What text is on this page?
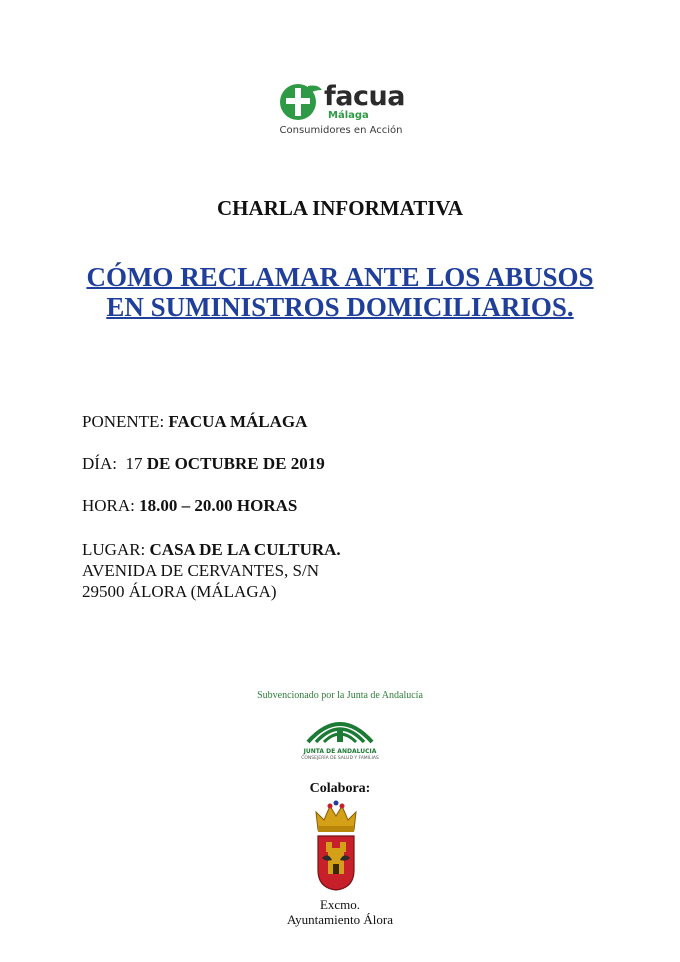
facua
Málaga
Consumidores en Acción
CHARLA INFORMATIVA
CÓMO RECLAMAR ANTE LOS ABUSOS
EN SUMINISTROS DOMICILIARIOS.
PONENTE: FACUA MÁLAGA
DÍA: 17 DE OCTUBRE DE 2019
HORA: 18.00 – 20.00 HORAS
LUGAR: CASA DE LA CULTURA.
AVENIDA DE CERVANTES, S/N
29500 ÁLORA (MÁLAGA)
Subvencionado por la Junta de Andalucía
JUNTA DE ANDALUCIA
CONSEJERÍA DE SALUD Y FAMILIAS
Colabora:
Excmo.
Ayuntamiento Álora
